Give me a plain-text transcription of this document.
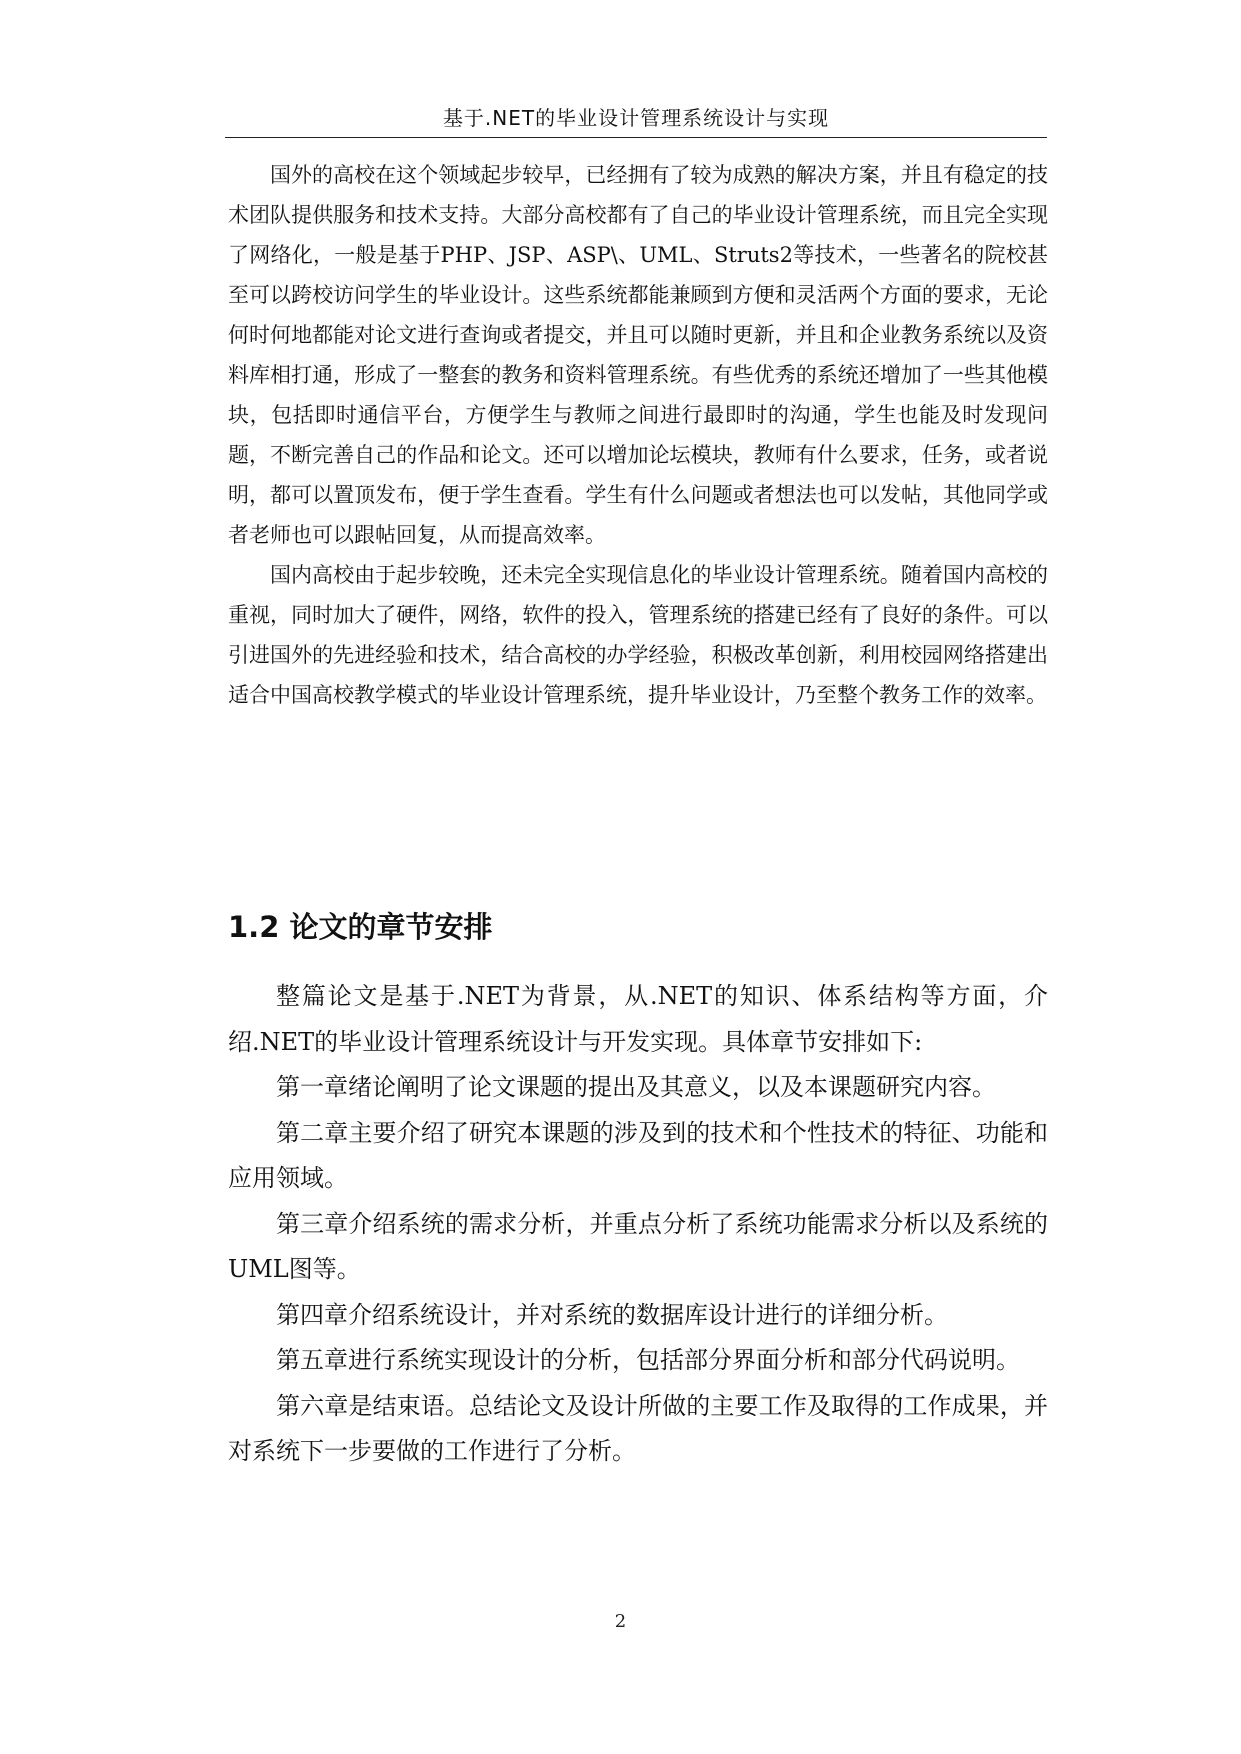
基于.NET的毕业设计管理系统设计与实现

国外的高校在这个领域起步较早，已经拥有了较为成熟的解决方案，并且有稳定的技术团队提供服务和技术支持。大部分高校都有了自己的毕业设计管理系统，而且完全实现了网络化，一般是基于PHP、JSP、ASP\、UML、Struts2等技术，一些著名的院校甚至可以跨校访问学生的毕业设计。这些系统都能兼顾到方便和灵活两个方面的要求，无论何时何地都能对论文进行查询或者提交，并且可以随时更新，并且和企业教务系统以及资料库相打通，形成了一整套的教务和资料管理系统。有些优秀的系统还增加了一些其他模块，包括即时通信平台，方便学生与教师之间进行最即时的沟通，学生也能及时发现问题，不断完善自己的作品和论文。还可以增加论坛模块，教师有什么要求，任务，或者说明，都可以置顶发布，便于学生查看。学生有什么问题或者想法也可以发帖，其他同学或者老师也可以跟帖回复，从而提高效率。

国内高校由于起步较晚，还未完全实现信息化的毕业设计管理系统。随着国内高校的重视，同时加大了硬件，网络，软件的投入，管理系统的搭建已经有了良好的条件。可以引进国外的先进经验和技术，结合高校的办学经验，积极改革创新，利用校园网络搭建出适合中国高校教学模式的毕业设计管理系统，提升毕业设计，乃至整个教务工作的效率。

1.2 论文的章节安排

整篇论文是基于.NET为背景，从.NET的知识、体系结构等方面，介绍.NET的毕业设计管理系统设计与开发实现。具体章节安排如下:

第一章绪论阐明了论文课题的提出及其意义，以及本课题研究内容。

第二章主要介绍了研究本课题的涉及到的技术和个性技术的特征、功能和应用领域。

第三章介绍系统的需求分析，并重点分析了系统功能需求分析以及系统的UML图等。

第四章介绍系统设计，并对系统的数据库设计进行的详细分析。

第五章进行系统实现设计的分析，包括部分界面分析和部分代码说明。

第六章是结束语。总结论文及设计所做的主要工作及取得的工作成果，并对系统下一步要做的工作进行了分析。

2
